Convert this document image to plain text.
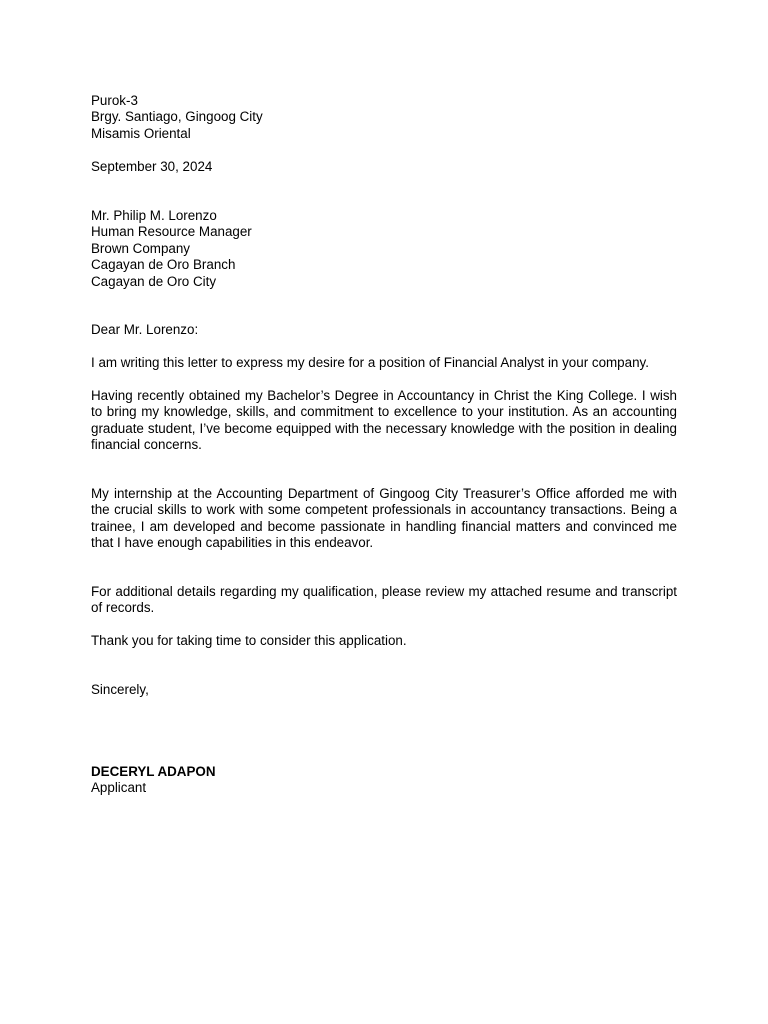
Purok-3
Brgy. Santiago, Gingoog City
Misamis Oriental
September 30, 2024
Mr. Philip M. Lorenzo
Human Resource Manager
Brown Company
Cagayan de Oro Branch
Cagayan de Oro City
Dear Mr. Lorenzo:
I am writing this letter to express my desire for a position of Financial Analyst in your company.
Having recently obtained my Bachelor’s Degree in Accountancy in Christ the King College. I wish to bring my knowledge, skills, and commitment to excellence to your institution. As an accounting graduate student, I’ve become equipped with the necessary knowledge with the position in dealing financial concerns.
My internship at the Accounting Department of Gingoog City Treasurer’s Office afforded me with the crucial skills to work with some competent professionals in accountancy transactions. Being a trainee, I am developed and become passionate in handling financial matters and convinced me that I have enough capabilities in this endeavor.
For additional details regarding my qualification, please review my attached resume and transcript of records.
Thank you for taking time to consider this application.
Sincerely,
DECERYL ADAPON
Applicant
